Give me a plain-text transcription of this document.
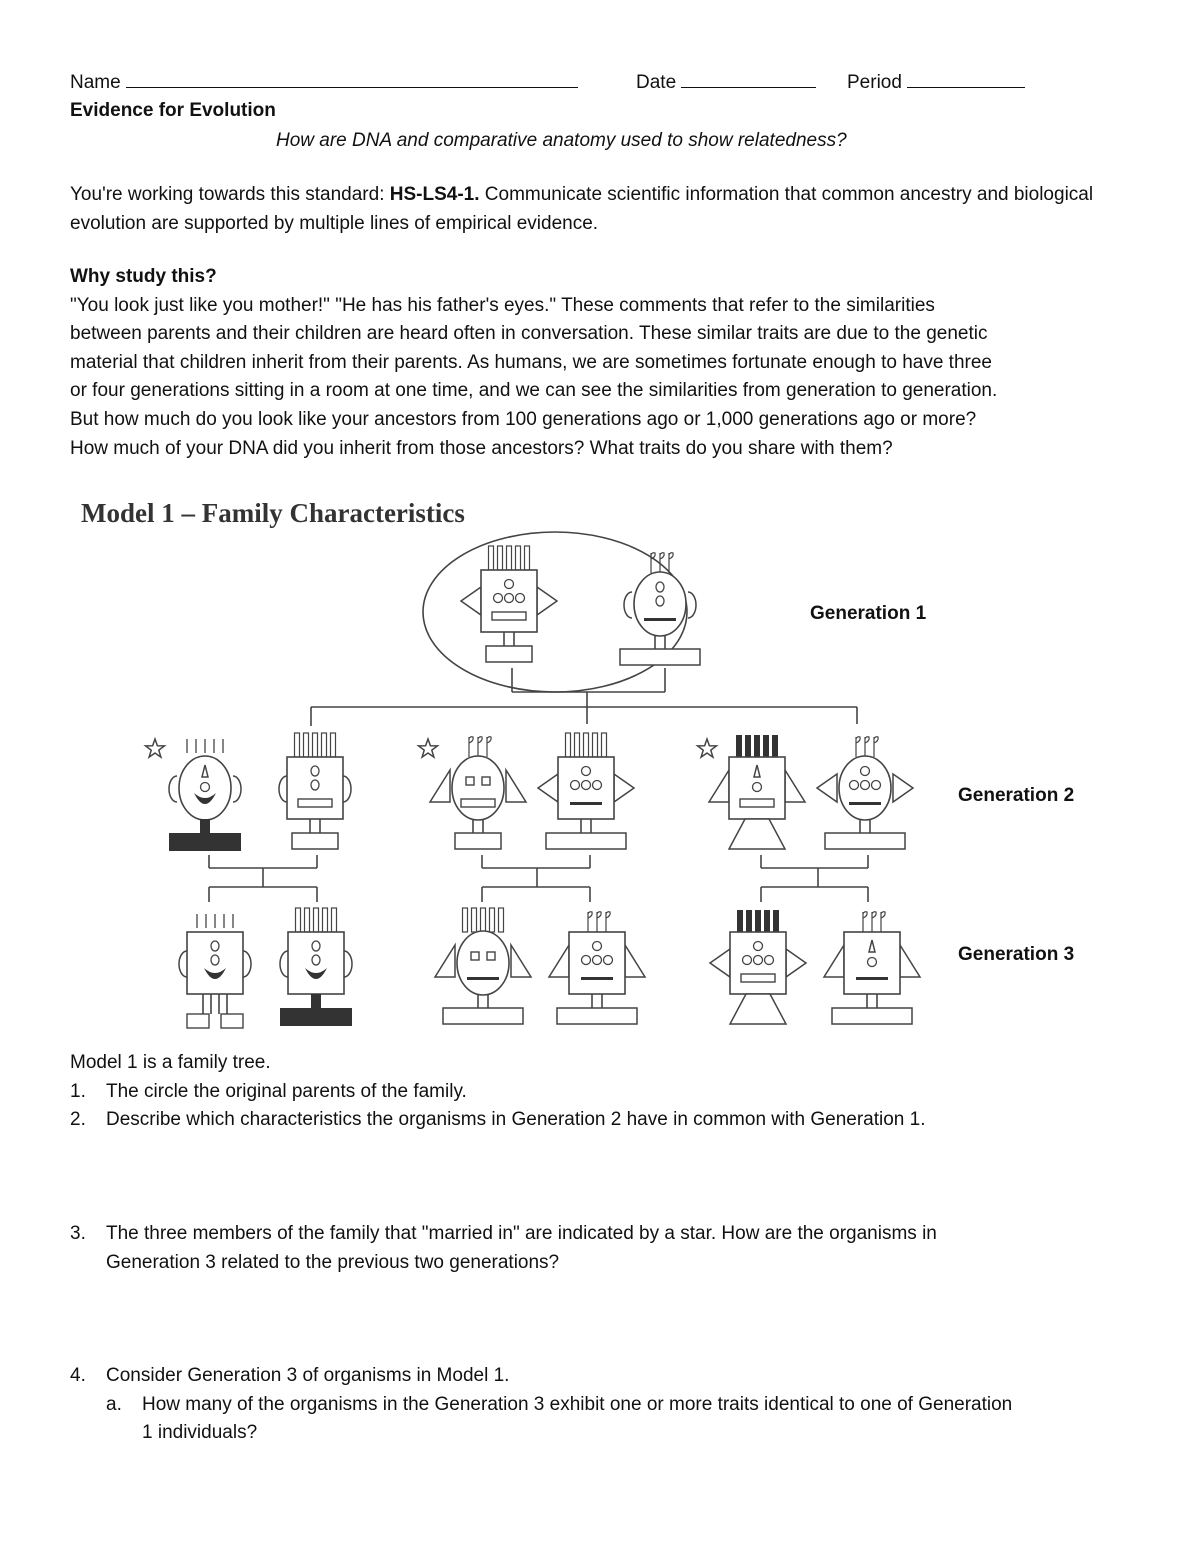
Name	Date	Period
Evidence for Evolution
How are DNA and comparative anatomy used to show relatedness?
You're working towards this standard: HS-LS4-1. Communicate scientific information that common ancestry and biological
evolution are supported by multiple lines of empirical evidence.
Why study this?
"You look just like you mother!" "He has his father's eyes." These comments that refer to the similarities
between parents and their children are heard often in conversation. These similar traits are due to the genetic
material that children inherit from their parents. As humans, we are sometimes fortunate enough to have three
or four generations sitting in a room at one time, and we can see the similarities from generation to generation.
But how much do you look like your ancestors from 100 generations ago or 1,000 generations ago or more?
How much of your DNA did you inherit from those ancestors? What traits do you share with them?
Model 1 – Family Characteristics
Generation 1
Generation 2
Generation 3
Model 1 is a family tree.
1. The circle the original parents of the family.
2. Describe which characteristics the organisms in Generation 2 have in common with Generation 1.
3. The three members of the family that "married in" are indicated by a star. How are the organisms in
Generation 3 related to the previous two generations?
4. Consider Generation 3 of organisms in Model 1.
a. How many of the organisms in the Generation 3 exhibit one or more traits identical to one of Generation
1 individuals?
